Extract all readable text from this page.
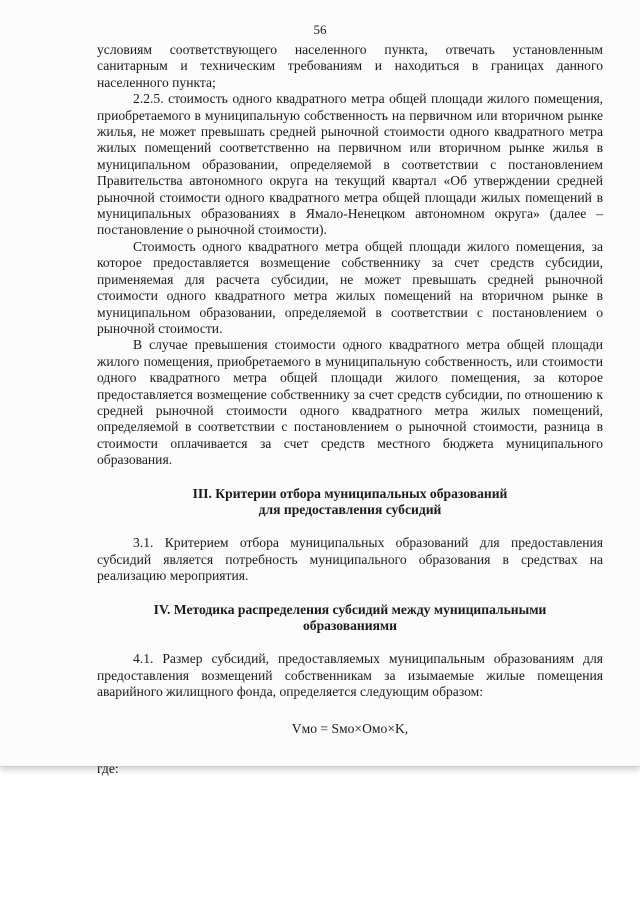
56

условиям соответствующего населенного пункта, отвечать установленным санитарным и техническим требованиям и находиться в границах данного населенного пункта;

2.2.5. стоимость одного квадратного метра общей площади жилого помещения, приобретаемого в муниципальную собственность на первичном или вторичном рынке жилья, не может превышать средней рыночной стоимости одного квадратного метра жилых помещений соответственно на первичном или вторичном рынке жилья в муниципальном образовании, определяемой в соответствии с постановлением Правительства автономного округа на текущий квартал «Об утверждении средней рыночной стоимости одного квадратного метра общей площади жилых помещений в муниципальных образованиях в Ямало-Ненецком автономном округа» (далее – постановление о рыночной стоимости).

Стоимость одного квадратного метра общей площади жилого помещения, за которое предоставляется возмещение собственнику за счет средств субсидии, применяемая для расчета субсидии, не может превышать средней рыночной стоимости одного квадратного метра жилых помещений на вторичном рынке в муниципальном образовании, определяемой в соответствии с постановлением о рыночной стоимости.

В случае превышения стоимости одного квадратного метра общей площади жилого помещения, приобретаемого в муниципальную собственность, или стоимости одного квадратного метра общей площади жилого помещения, за которое предоставляется возмещение собственнику за счет средств субсидии, по отношению к средней рыночной стоимости одного квадратного метра жилых помещений, определяемой в соответствии с постановлением о рыночной стоимости, разница в стоимости оплачивается за счет средств местного бюджета муниципального образования.

III. Критерии отбора муниципальных образований
для предоставления субсидий

3.1. Критерием отбора муниципальных образований для предоставления субсидий является потребность муниципального образования в средствах на реализацию мероприятия.

IV. Методика распределения субсидий между муниципальными
образованиями

4.1. Размер субсидий, предоставляемых муниципальным образованиям для предоставления возмещений собственникам за изымаемые жилые помещения аварийного жилищного фонда, определяется следующим образом:

Vмо = Sмо×Омо×K,

где:
